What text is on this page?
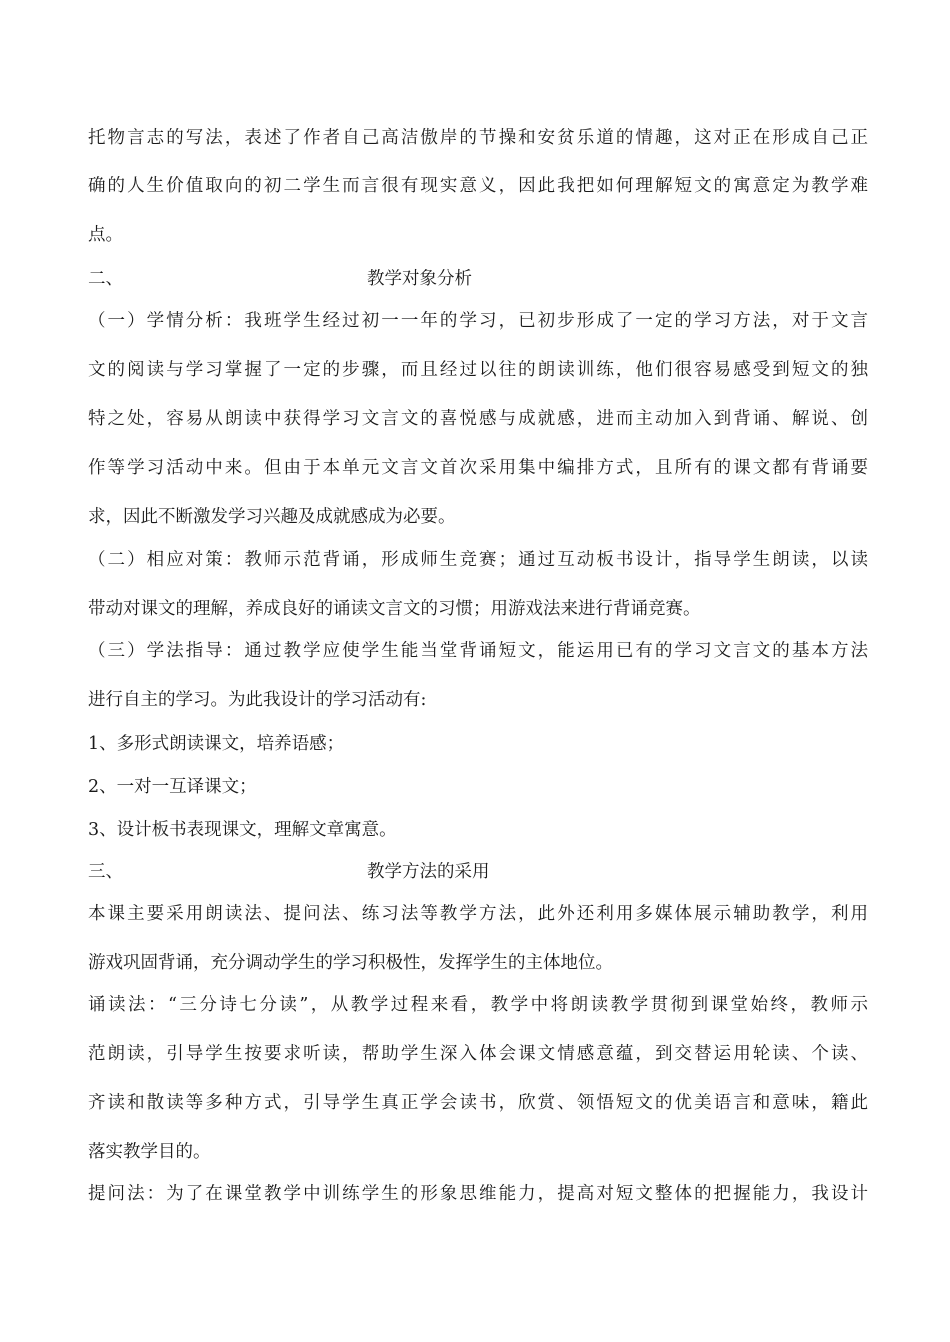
托物言志的写法，表述了作者自己高洁傲岸的节操和安贫乐道的情趣，这对正在形成自己正
确的人生价值取向的初二学生而言很有现实意义，因此我把如何理解短文的寓意定为教学难
点。
二、	教学对象分析
（一）学情分析：我班学生经过初一一年的学习，已初步形成了一定的学习方法，对于文言
文的阅读与学习掌握了一定的步骤，而且经过以往的朗读训练，他们很容易感受到短文的独
特之处，容易从朗读中获得学习文言文的喜悦感与成就感，进而主动加入到背诵、解说、创
作等学习活动中来。但由于本单元文言文首次采用集中编排方式，且所有的课文都有背诵要
求，因此不断激发学习兴趣及成就感成为必要。
（二）相应对策：教师示范背诵，形成师生竞赛；通过互动板书设计，指导学生朗读，以读
带动对课文的理解，养成良好的诵读文言文的习惯；用游戏法来进行背诵竞赛。
（三）学法指导：通过教学应使学生能当堂背诵短文，能运用已有的学习文言文的基本方法
进行自主的学习。为此我设计的学习活动有:
1、多形式朗读课文，培养语感；
2、一对一互译课文；
3、设计板书表现课文，理解文章寓意。
三、	教学方法的采用
本课主要采用朗读法、提问法、练习法等教学方法，此外还利用多媒体展示辅助教学，利用
游戏巩固背诵，充分调动学生的学习积极性，发挥学生的主体地位。
诵读法：“三分诗七分读”，从教学过程来看，教学中将朗读教学贯彻到课堂始终，教师示
范朗读，引导学生按要求听读，帮助学生深入体会课文情感意蕴，到交替运用轮读、个读、
齐读和散读等多种方式，引导学生真正学会读书，欣赏、领悟短文的优美语言和意味，籍此
落实教学目的。
提问法：为了在课堂教学中训练学生的形象思维能力，提高对短文整体的把握能力，我设计
